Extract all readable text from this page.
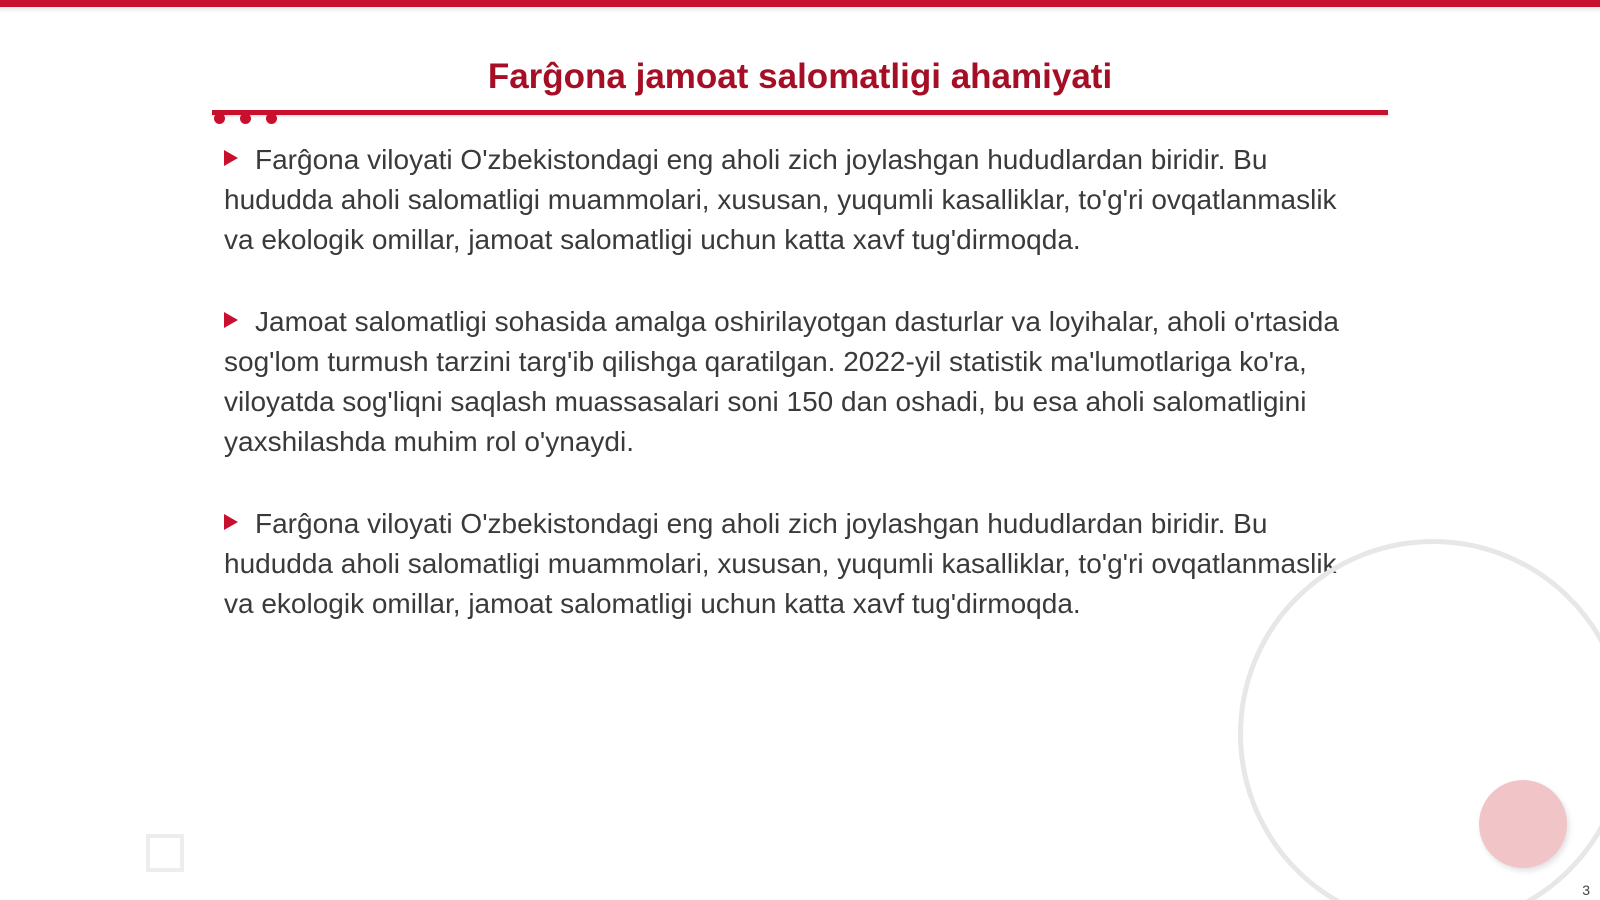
Farĝona jamoat salomatligi ahamiyati
Farĝona viloyati O'zbekistondagi eng aholi zich joylashgan hududlardan biridir. Bu hududda aholi salomatligi muammolari, xususan, yuqumli kasalliklar, to'g'ri ovqatlanmaslik va ekologik omillar, jamoat salomatligi uchun katta xavf tug'dirmoqda.
Jamoat salomatligi sohasida amalga oshirilayotgan dasturlar va loyihalar, aholi o'rtasida sog'lom turmush tarzini targ'ib qilishga qaratilgan. 2022-yil statistik ma'lumotlariga ko'ra, viloyatda sog'liqni saqlash muassasalari soni 150 dan oshadi, bu esa aholi salomatligini yaxshilashda muhim rol o'ynaydi.
Farĝona viloyati O'zbekistondagi eng aholi zich joylashgan hududlardan biridir. Bu hududda aholi salomatligi muammolari, xususan, yuqumli kasalliklar, to'g'ri ovqatlanmaslik va ekologik omillar, jamoat salomatligi uchun katta xavf tug'dirmoqda.
3
